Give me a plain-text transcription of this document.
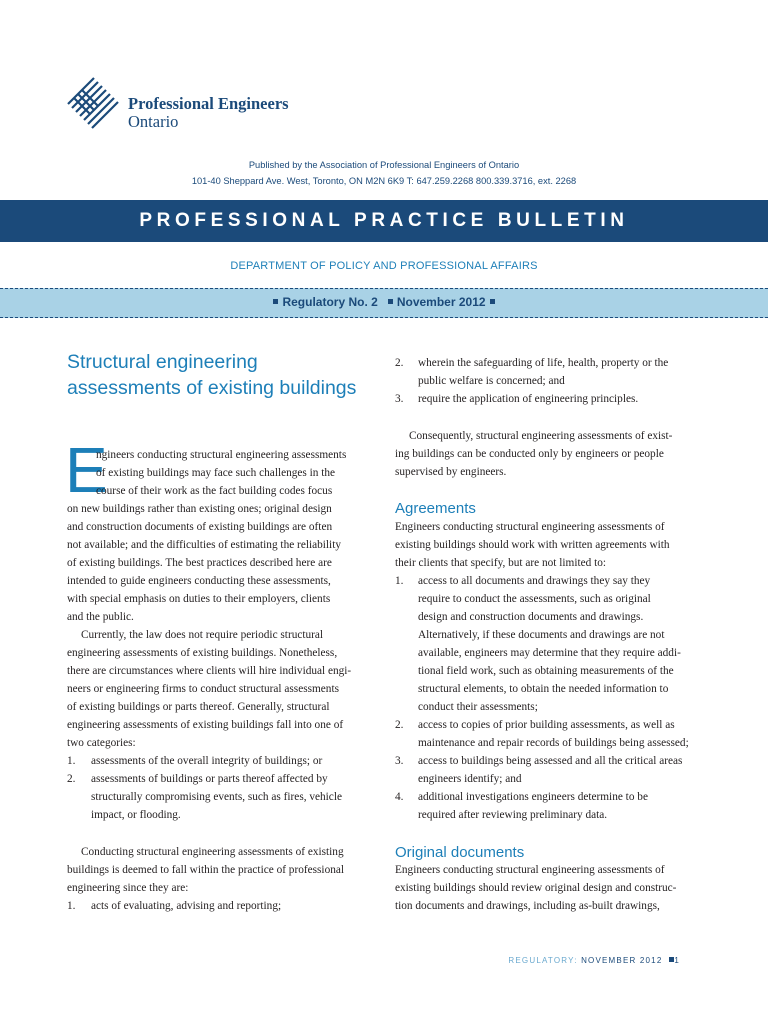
Professional Engineers
Ontario
Published by the Association of Professional Engineers of Ontario
101-40 Sheppard Ave. West, Toronto, ON M2N 6K9 T: 647.259.2268 800.339.3716, ext. 2268
PROFESSIONAL PRACTICE BULLETIN
DEPARTMENT OF POLICY AND PROFESSIONAL AFFAIRS
Regulatory No. 2 November 2012
Structural engineering assessments of existing buildings
E
ngineers conducting structural engineering assessments
of existing buildings may face such challenges in the
course of their work as the fact building codes focus
on new buildings rather than existing ones; original design
and construction documents of existing buildings are often
not available; and the difficulties of estimating the reliability
of existing buildings. The best practices described here are
intended to guide engineers conducting these assessments,
with special emphasis on duties to their employers, clients
and the public.
Currently, the law does not require periodic structural
engineering assessments of existing buildings. Nonetheless,
there are circumstances where clients will hire individual engi-
neers or engineering firms to conduct structural assessments
of existing buildings or parts thereof. Generally, structural
engineering assessments of existing buildings fall into one of
two categories:
1. assessments of the overall integrity of buildings; or
2. assessments of buildings or parts thereof affected by
structurally compromising events, such as fires, vehicle
impact, or flooding.
Conducting structural engineering assessments of existing
buildings is deemed to fall within the practice of professional
engineering since they are:
1. acts of evaluating, advising and reporting;
2. wherein the safeguarding of life, health, property or the
public welfare is concerned; and
3. require the application of engineering principles.
Consequently, structural engineering assessments of exist-
ing buildings can be conducted only by engineers or people
supervised by engineers.
Agreements
Engineers conducting structural engineering assessments of
existing buildings should work with written agreements with
their clients that specify, but are not limited to:
1. access to all documents and drawings they say they
require to conduct the assessments, such as original
design and construction documents and drawings.
Alternatively, if these documents and drawings are not
available, engineers may determine that they require addi-
tional field work, such as obtaining measurements of the
structural elements, to obtain the needed information to
conduct their assessments;
2. access to copies of prior building assessments, as well as
maintenance and repair records of buildings being assessed;
3. access to buildings being assessed and all the critical areas
engineers identify; and
4. additional investigations engineers determine to be
required after reviewing preliminary data.
Original documents
Engineers conducting structural engineering assessments of
existing buildings should review original design and construc-
tion documents and drawings, including as-built drawings,
REGULATORY: NOVEMBER 2012 1
